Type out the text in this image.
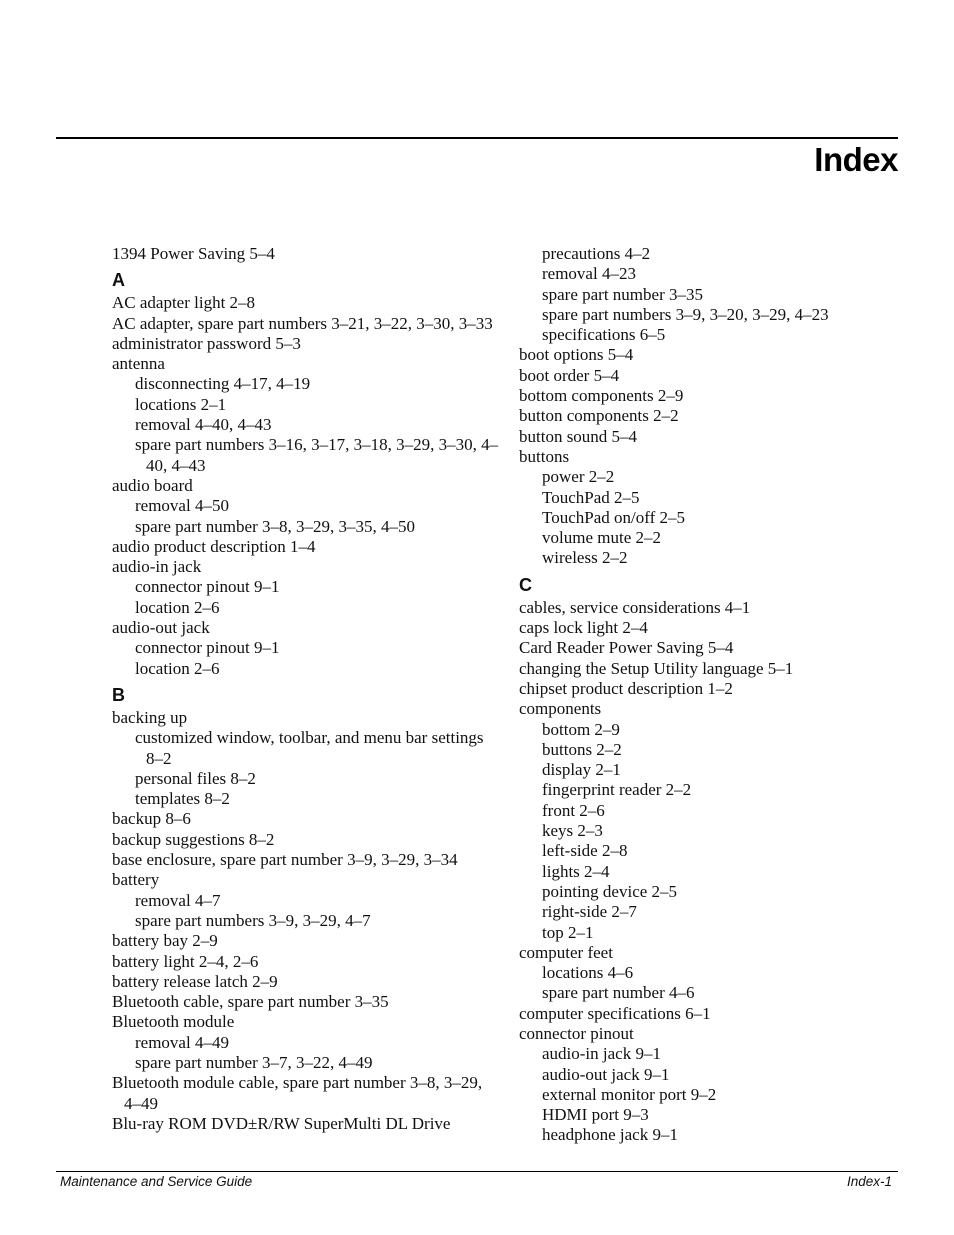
Index
1394 Power Saving 5–4
A
AC adapter light 2–8
AC adapter, spare part numbers 3–21, 3–22, 3–30, 3–33
administrator password 5–3
antenna
disconnecting 4–17, 4–19
locations 2–1
removal 4–40, 4–43
spare part numbers 3–16, 3–17, 3–18, 3–29, 3–30, 4–40, 4–43
audio board
removal 4–50
spare part number 3–8, 3–29, 3–35, 4–50
audio product description 1–4
audio-in jack
connector pinout 9–1
location 2–6
audio-out jack
connector pinout 9–1
location 2–6
B
backing up
customized window, toolbar, and menu bar settings 8–2
personal files 8–2
templates 8–2
backup 8–6
backup suggestions 8–2
base enclosure, spare part number 3–9, 3–29, 3–34
battery
removal 4–7
spare part numbers 3–9, 3–29, 4–7
battery bay 2–9
battery light 2–4, 2–6
battery release latch 2–9
Bluetooth cable, spare part number 3–35
Bluetooth module
removal 4–49
spare part number 3–7, 3–22, 4–49
Bluetooth module cable, spare part number 3–8, 3–29, 4–49
Blu-ray ROM DVD±R/RW SuperMulti DL Drive
precautions 4–2
removal 4–23
spare part number 3–35
spare part numbers 3–9, 3–20, 3–29, 4–23
specifications 6–5
boot options 5–4
boot order 5–4
bottom components 2–9
button components 2–2
button sound 5–4
buttons
power 2–2
TouchPad 2–5
TouchPad on/off 2–5
volume mute 2–2
wireless 2–2
C
cables, service considerations 4–1
caps lock light 2–4
Card Reader Power Saving 5–4
changing the Setup Utility language 5–1
chipset product description 1–2
components
bottom 2–9
buttons 2–2
display 2–1
fingerprint reader 2–2
front 2–6
keys 2–3
left-side 2–8
lights 2–4
pointing device 2–5
right-side 2–7
top 2–1
computer feet
locations 4–6
spare part number 4–6
computer specifications 6–1
connector pinout
audio-in jack 9–1
audio-out jack 9–1
external monitor port 9–2
HDMI port 9–3
headphone jack 9–1
Maintenance and Service Guide	Index-1
